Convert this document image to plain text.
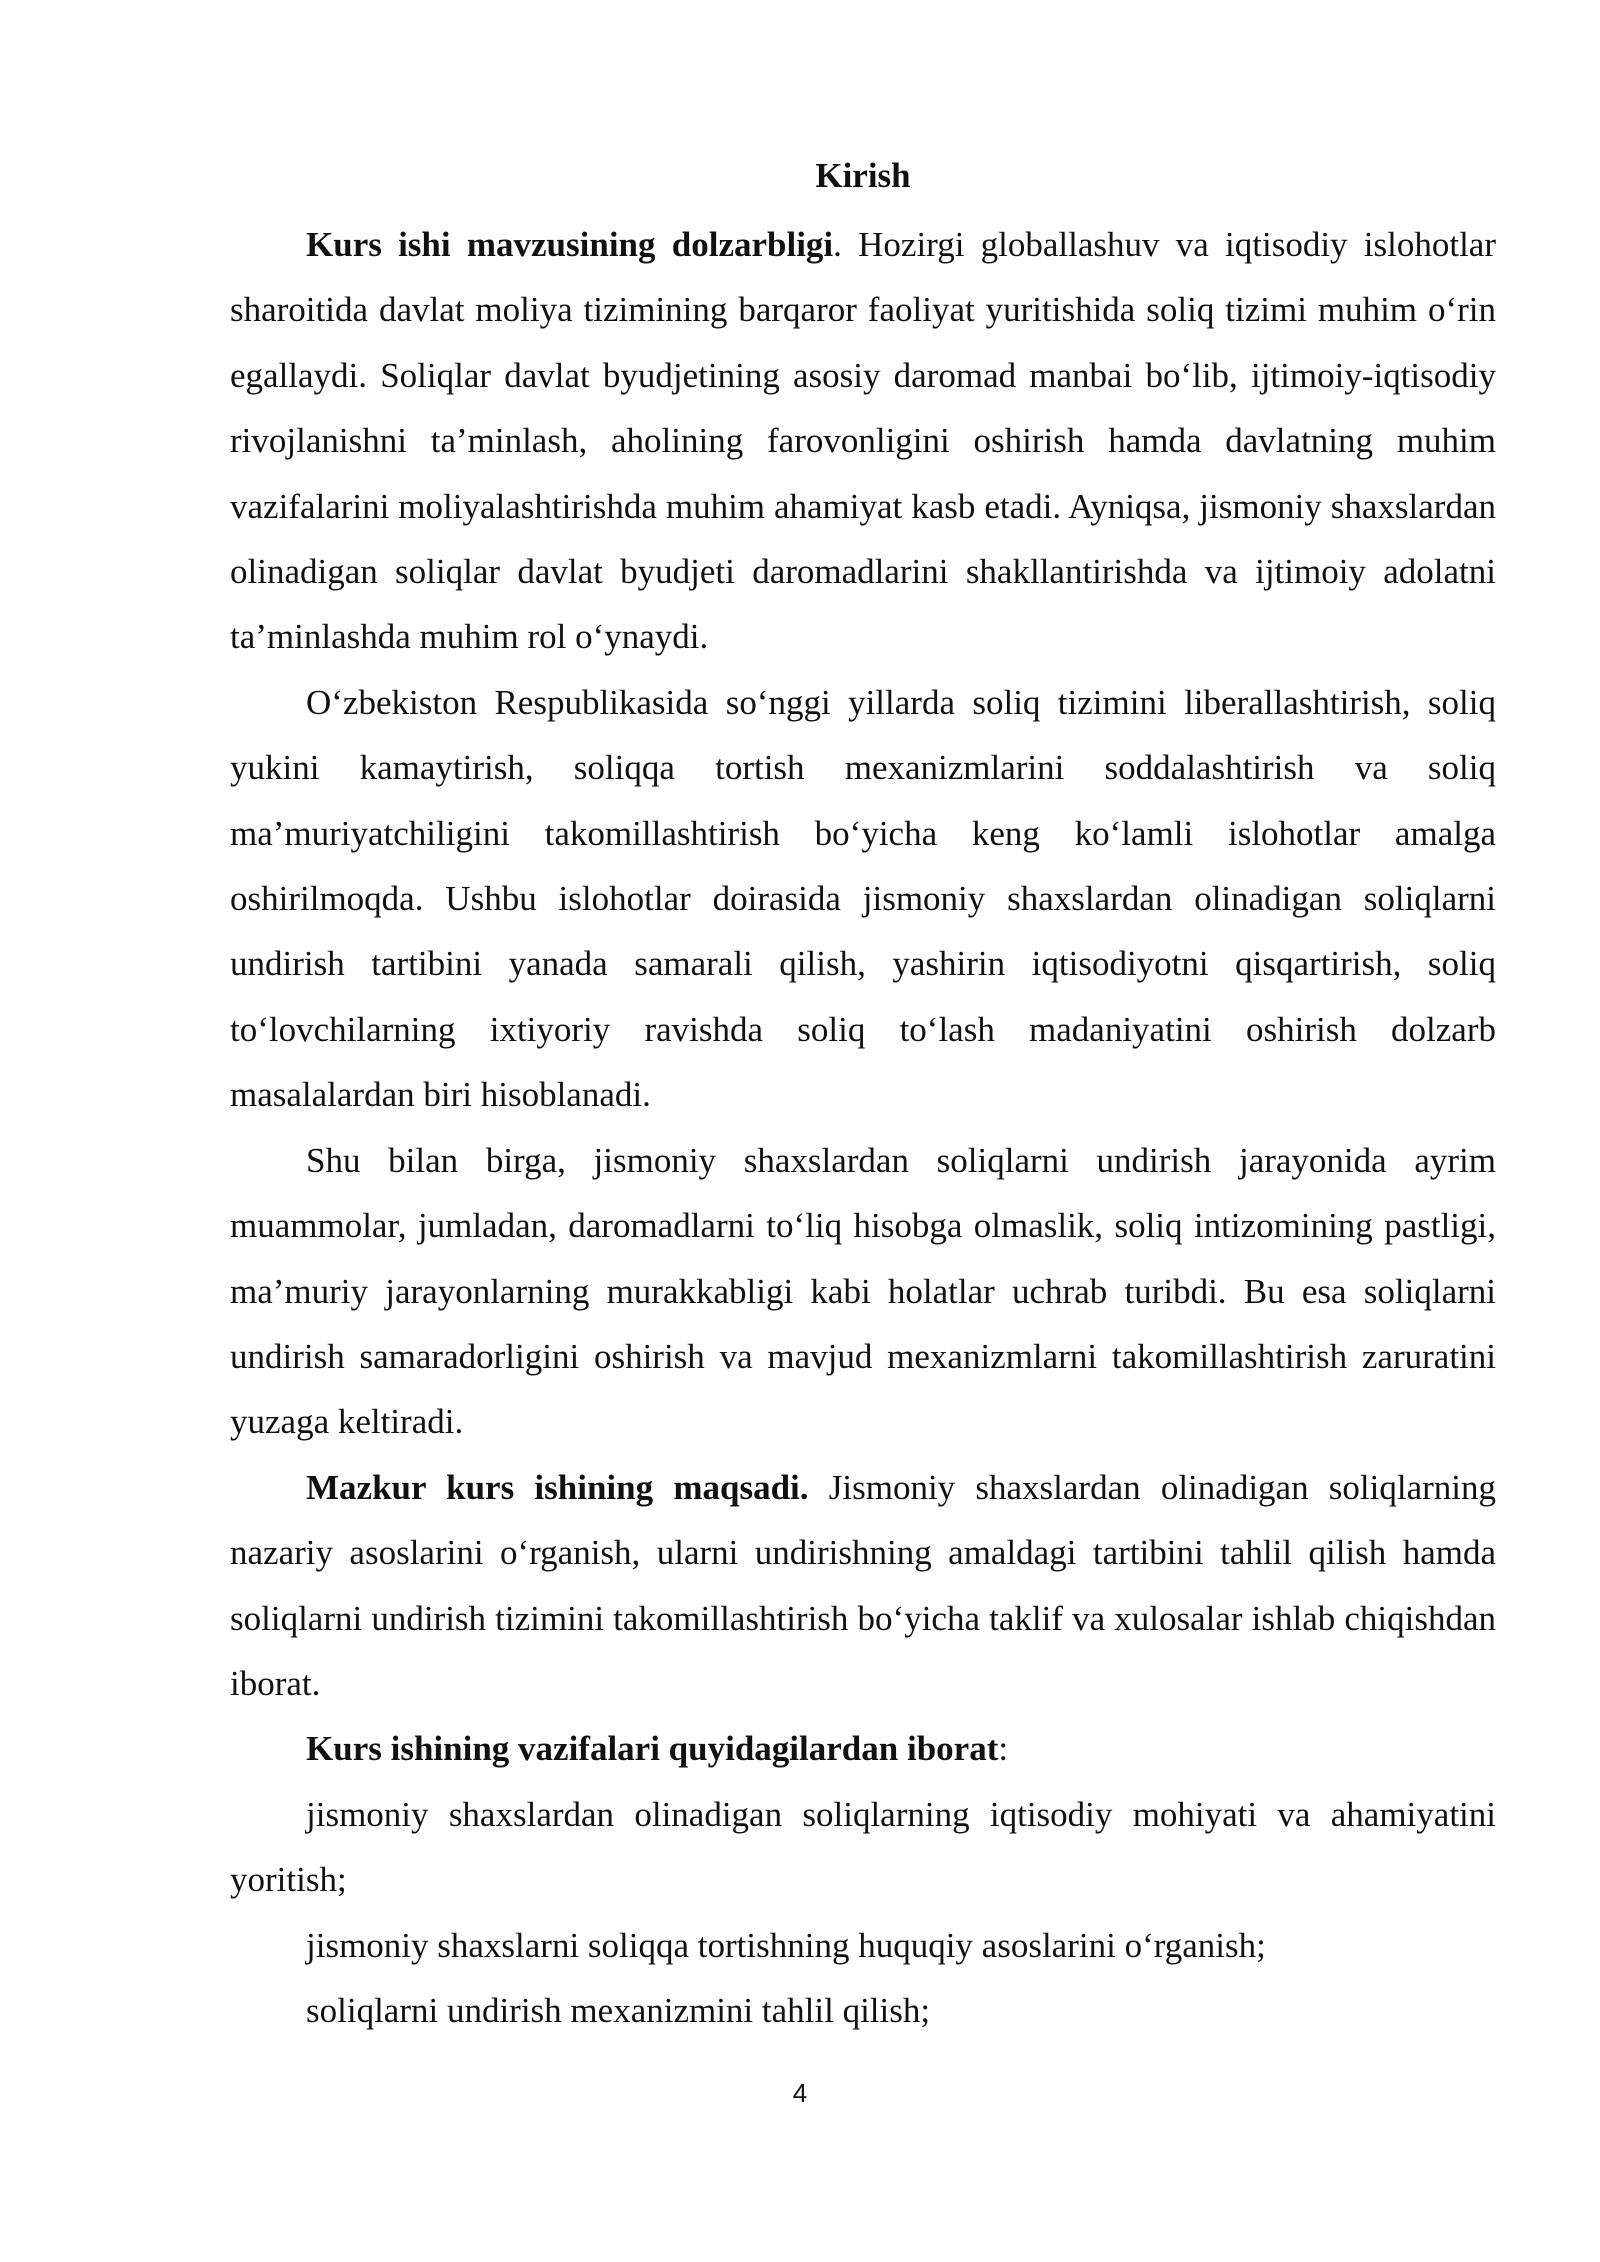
Kirish

Kurs ishi mavzusining dolzarbligi. Hozirgi globallashuv va iqtisodiy islohotlar sharoitida davlat moliya tizimining barqaror faoliyat yuritishida soliq tizimi muhim o‘rin egallaydi. Soliqlar davlat byudjetining asosiy daromad manbai bo‘lib, ijtimoiy-iqtisodiy rivojlanishni ta’minlash, aholining farovonligini oshirish hamda davlatning muhim vazifalarini moliyalashtirishda muhim ahamiyat kasb etadi. Ayniqsa, jismoniy shaxslardan olinadigan soliqlar davlat byudjeti daromadlarini shakllantirishda va ijtimoiy adolatni ta’minlashda muhim rol o‘ynaydi.

O‘zbekiston Respublikasida so‘nggi yillarda soliq tizimini liberallashtirish, soliq yukini kamaytirish, soliqqa tortish mexanizmlarini soddalashtirish va soliq ma’muriyatchiligini takomillashtirish bo‘yicha keng ko‘lamli islohotlar amalga oshirilmoqda. Ushbu islohotlar doirasida jismoniy shaxslardan olinadigan soliqlarni undirish tartibini yanada samarali qilish, yashirin iqtisodiyotni qisqartirish, soliq to‘lovchilarning ixtiyoriy ravishda soliq to‘lash madaniyatini oshirish dolzarb masalalardan biri hisoblanadi.

Shu bilan birga, jismoniy shaxslardan soliqlarni undirish jarayonida ayrim muammolar, jumladan, daromadlarni to‘liq hisobga olmaslik, soliq intizomining pastligi, ma’muriy jarayonlarning murakkabligi kabi holatlar uchrab turibdi. Bu esa soliqlarni undirish samaradorligini oshirish va mavjud mexanizmlarni takomillashtirish zaruratini yuzaga keltiradi.

Mazkur kurs ishining maqsadi. Jismoniy shaxslardan olinadigan soliqlarning nazariy asoslarini o‘rganish, ularni undirishning amaldagi tartibini tahlil qilish hamda soliqlarni undirish tizimini takomillashtirish bo‘yicha taklif va xulosalar ishlab chiqishdan iborat.

Kurs ishining vazifalari quyidagilardan iborat:

jismoniy shaxslardan olinadigan soliqlarning iqtisodiy mohiyati va ahamiyatini yoritish;

jismoniy shaxslarni soliqqa tortishning huquqiy asoslarini o‘rganish;

soliqlarni undirish mexanizmini tahlil qilish;

4
